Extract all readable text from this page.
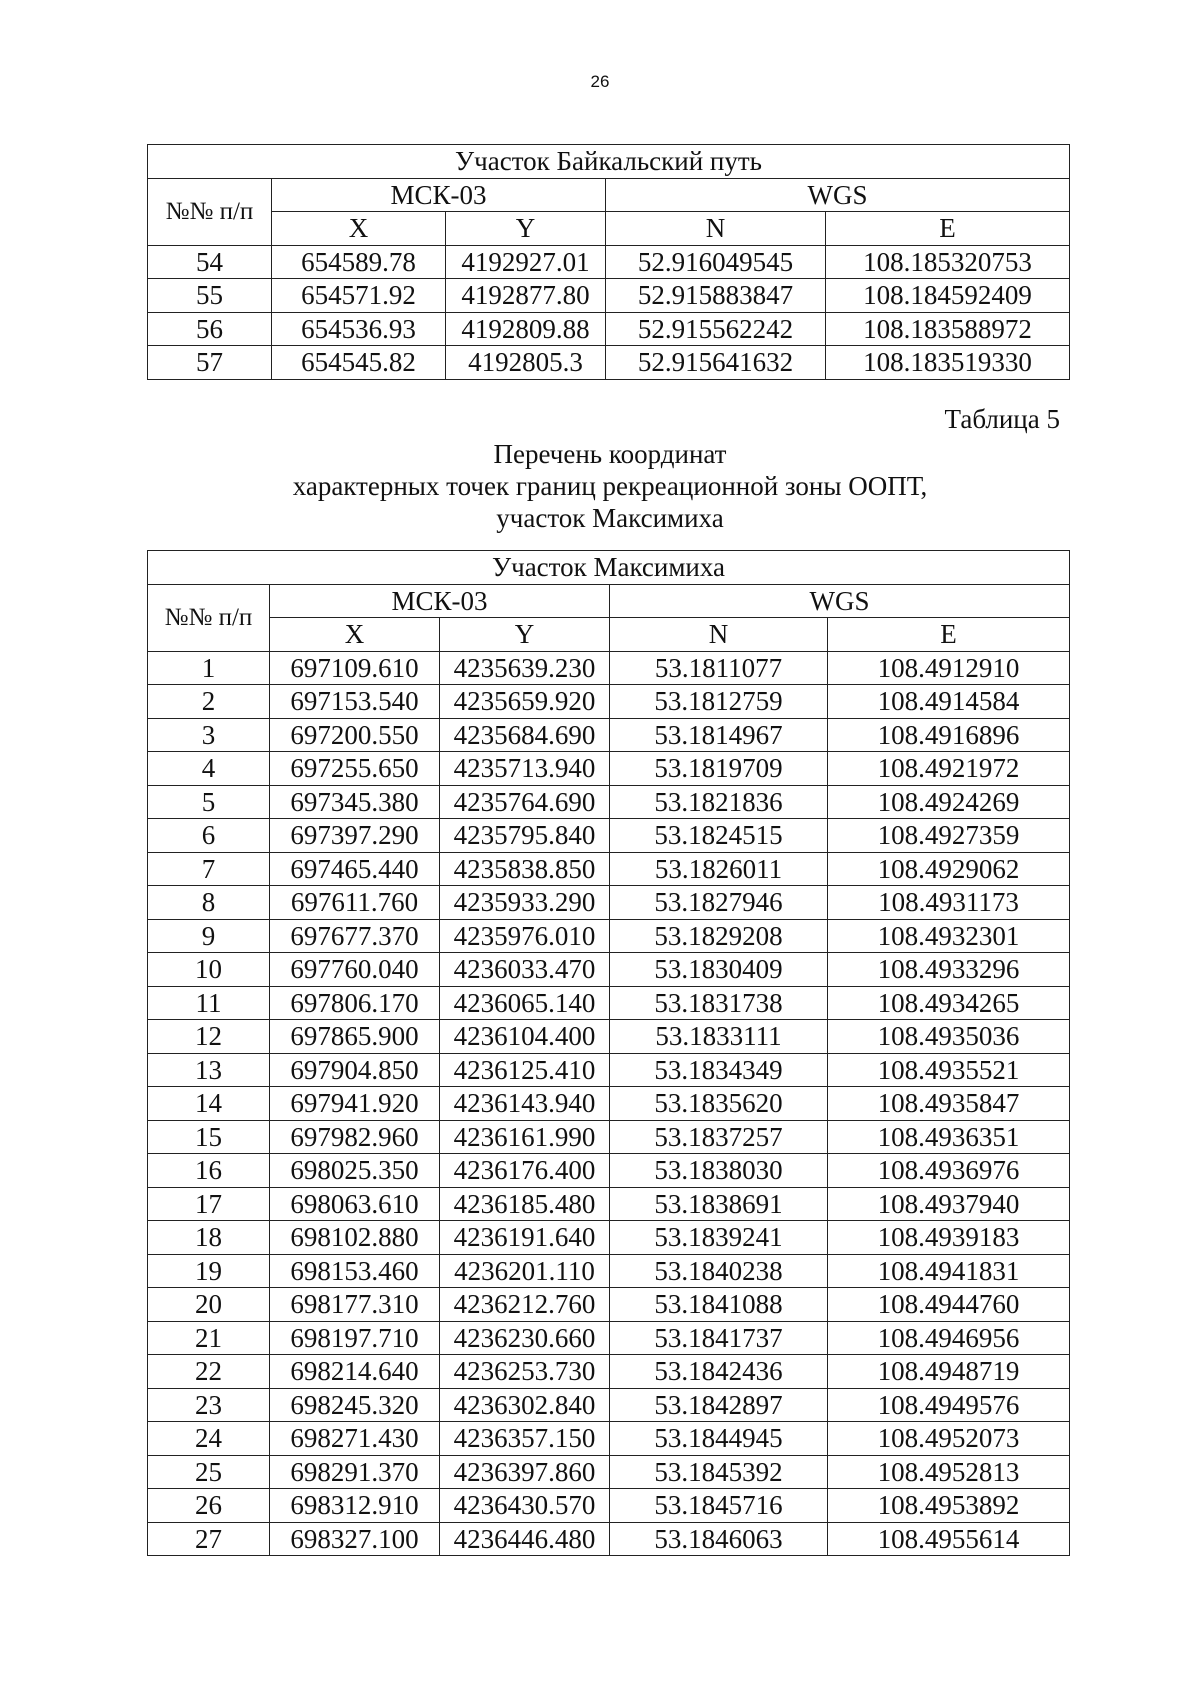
26
Участок Байкальский путь				
№№ п/п	МСК-03		WGS	
	X	Y	N	E
54	654589.78	4192927.01	52.916049545	108.185320753
55	654571.92	4192877.80	52.915883847	108.184592409
56	654536.93	4192809.88	52.915562242	108.183588972
57	654545.82	4192805.3	52.915641632	108.183519330
Таблица 5
Перечень координат
характерных точек границ рекреационной зоны ООПТ,
участок Максимиха
Участок Максимиха				
№№ п/п	МСК-03		WGS	
	X	Y	N	E
1	697109.610	4235639.230	53.1811077	108.4912910
2	697153.540	4235659.920	53.1812759	108.4914584
3	697200.550	4235684.690	53.1814967	108.4916896
4	697255.650	4235713.940	53.1819709	108.4921972
5	697345.380	4235764.690	53.1821836	108.4924269
6	697397.290	4235795.840	53.1824515	108.4927359
7	697465.440	4235838.850	53.1826011	108.4929062
8	697611.760	4235933.290	53.1827946	108.4931173
9	697677.370	4235976.010	53.1829208	108.4932301
10	697760.040	4236033.470	53.1830409	108.4933296
11	697806.170	4236065.140	53.1831738	108.4934265
12	697865.900	4236104.400	53.1833111	108.4935036
13	697904.850	4236125.410	53.1834349	108.4935521
14	697941.920	4236143.940	53.1835620	108.4935847
15	697982.960	4236161.990	53.1837257	108.4936351
16	698025.350	4236176.400	53.1838030	108.4936976
17	698063.610	4236185.480	53.1838691	108.4937940
18	698102.880	4236191.640	53.1839241	108.4939183
19	698153.460	4236201.110	53.1840238	108.4941831
20	698177.310	4236212.760	53.1841088	108.4944760
21	698197.710	4236230.660	53.1841737	108.4946956
22	698214.640	4236253.730	53.1842436	108.4948719
23	698245.320	4236302.840	53.1842897	108.4949576
24	698271.430	4236357.150	53.1844945	108.4952073
25	698291.370	4236397.860	53.1845392	108.4952813
26	698312.910	4236430.570	53.1845716	108.4953892
27	698327.100	4236446.480	53.1846063	108.4955614
